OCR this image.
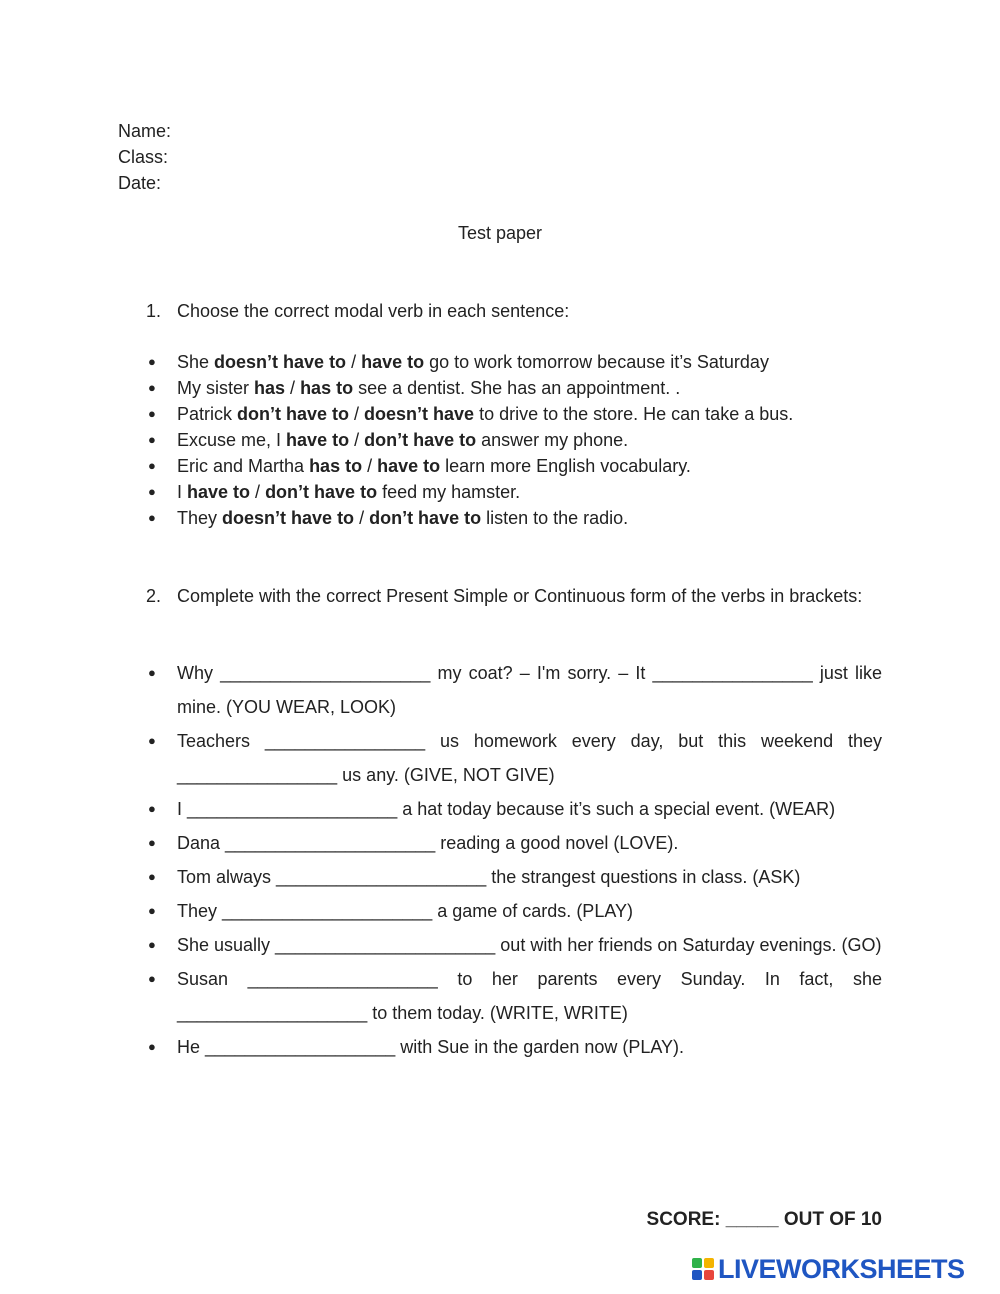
Name:
Class:
Date:
Test paper
1. Choose the correct modal verb in each sentence:
● She doesn’t have to / have to go to work tomorrow because it’s Saturday
● My sister has / has to see a dentist. She has an appointment. .
● Patrick don’t have to / doesn’t have to drive to the store. He can take a bus.
● Excuse me, I have to / don’t have to answer my phone.
● Eric and Martha has to / have to learn more English vocabulary.
● I have to / don’t have to feed my hamster.
● They doesn’t have to / don’t have to listen to the radio.
2. Complete with the correct Present Simple or Continuous form of the verbs in brackets:
● Why _____________________ my coat? – I'm sorry. – It ________________ just like mine. (YOU WEAR, LOOK)
● Teachers ________________ us homework every day, but this weekend they ________________ us any. (GIVE, NOT GIVE)
● I _____________________ a hat today because it’s such a special event. (WEAR)
● Dana _____________________ reading a good novel (LOVE).
● Tom always _____________________ the strangest questions in class. (ASK)
● They _____________________ a game of cards. (PLAY)
● She usually ______________________ out with her friends on Saturday evenings. (GO)
● Susan ___________________ to her parents every Sunday. In fact, she ___________________ to them today. (WRITE, WRITE)
● He ___________________ with Sue in the garden now (PLAY).
SCORE: _____ OUT OF 10
LIVEWORKSHEETS
